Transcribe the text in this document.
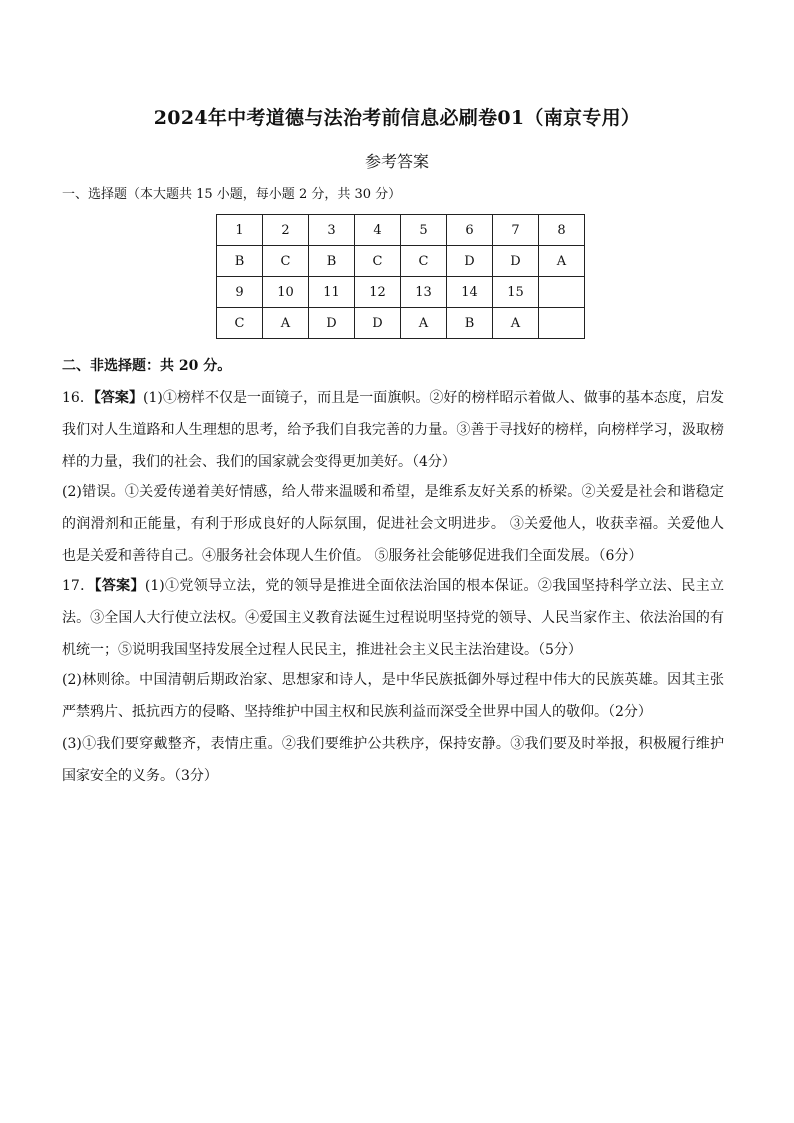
2024年中考道德与法治考前信息必刷卷01（南京专用）
参考答案
一、选择题（本大题共 15 小题，每小题 2 分，共 30 分）
1	2	3	4	5	6	7	8
B	C	B	C	C	D	D	A
9	10	11	12	13	14	15	
C	A	D	D	A	B	A	
二、非选择题：共 20 分。
16．【答案】(1)①榜样不仅是一面镜子，而且是一面旗帜。②好的榜样昭示着做人、做事的基本态度，启发我们对人生道路和人生理想的思考，给予我们自我完善的力量。③善于寻找好的榜样，向榜样学习，汲取榜样的力量，我们的社会、我们的国家就会变得更加美好。（4分）
(2)错误。①关爱传递着美好情感，给人带来温暖和希望，是维系友好关系的桥梁。②关爱是社会和谐稳定的润滑剂和正能量，有利于形成良好的人际氛围，促进社会文明进步。 ③关爱他人，收获幸福。关爱他人也是关爱和善待自己。④服务社会体现人生价值。 ⑤服务社会能够促进我们全面发展。（6分）
17．【答案】(1)①党领导立法，党的领导是推进全面依法治国的根本保证。②我国坚持科学立法、民主立法。③全国人大行使立法权。④爱国主义教育法诞生过程说明坚持党的领导、人民当家作主、依法治国的有机统一；⑤说明我国坚持发展全过程人民民主，推进社会主义民主法治建设。（5分）
(2)林则徐。中国清朝后期政治家、思想家和诗人，是中华民族抵御外辱过程中伟大的民族英雄。因其主张严禁鸦片、抵抗西方的侵略、坚持维护中国主权和民族利益而深受全世界中国人的敬仰。（2分）
(3)①我们要穿戴整齐，表情庄重。②我们要维护公共秩序，保持安静。③我们要及时举报，积极履行维护国家安全的义务。（3分）
